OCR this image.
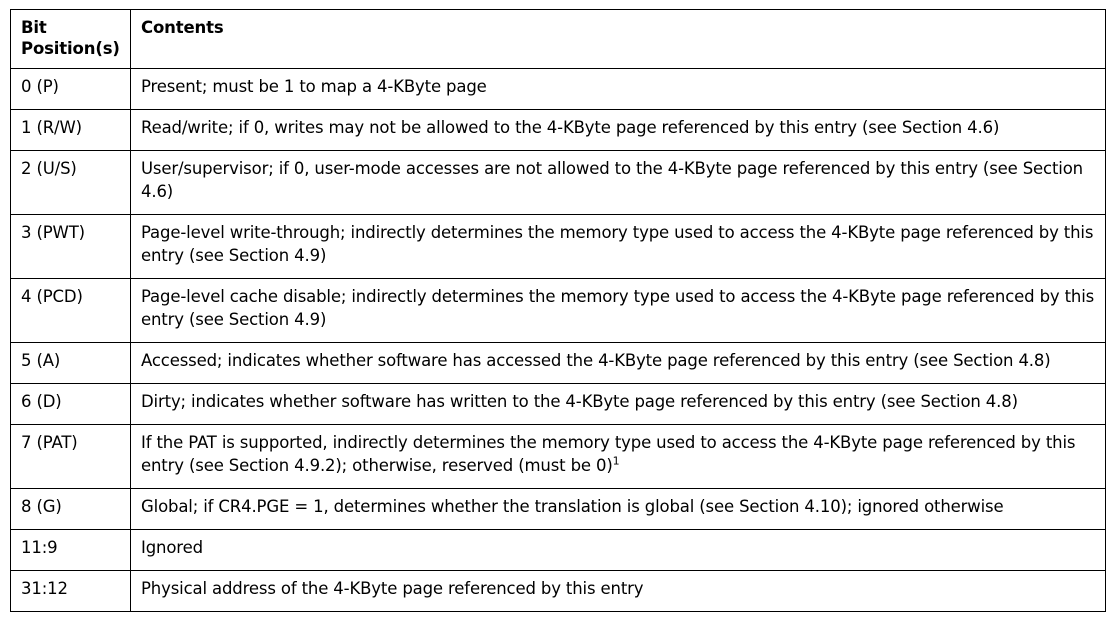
Bit
Position(s)	Contents
0 (P)	Present; must be 1 to map a 4-KByte page
1 (R/W)	Read/write; if 0, writes may not be allowed to the 4-KByte page referenced by this entry (see Section 4.6)
2 (U/S)	User/supervisor; if 0, user-mode accesses are not allowed to the 4-KByte page referenced by this entry (see Section 4.6)
3 (PWT)	Page-level write-through; indirectly determines the memory type used to access the 4-KByte page referenced by this entry (see Section 4.9)
4 (PCD)	Page-level cache disable; indirectly determines the memory type used to access the 4-KByte page referenced by this entry (see Section 4.9)
5 (A)	Accessed; indicates whether software has accessed the 4-KByte page referenced by this entry (see Section 4.8)
6 (D)	Dirty; indicates whether software has written to the 4-KByte page referenced by this entry (see Section 4.8)
7 (PAT)	If the PAT is supported, indirectly determines the memory type used to access the 4-KByte page referenced by this entry (see Section 4.9.2); otherwise, reserved (must be 0)$^1$
8 (G)	Global; if CR4.PGE = 1, determines whether the translation is global (see Section 4.10); ignored otherwise
11:9	Ignored
31:12	Physical address of the 4-KByte page referenced by this entry
